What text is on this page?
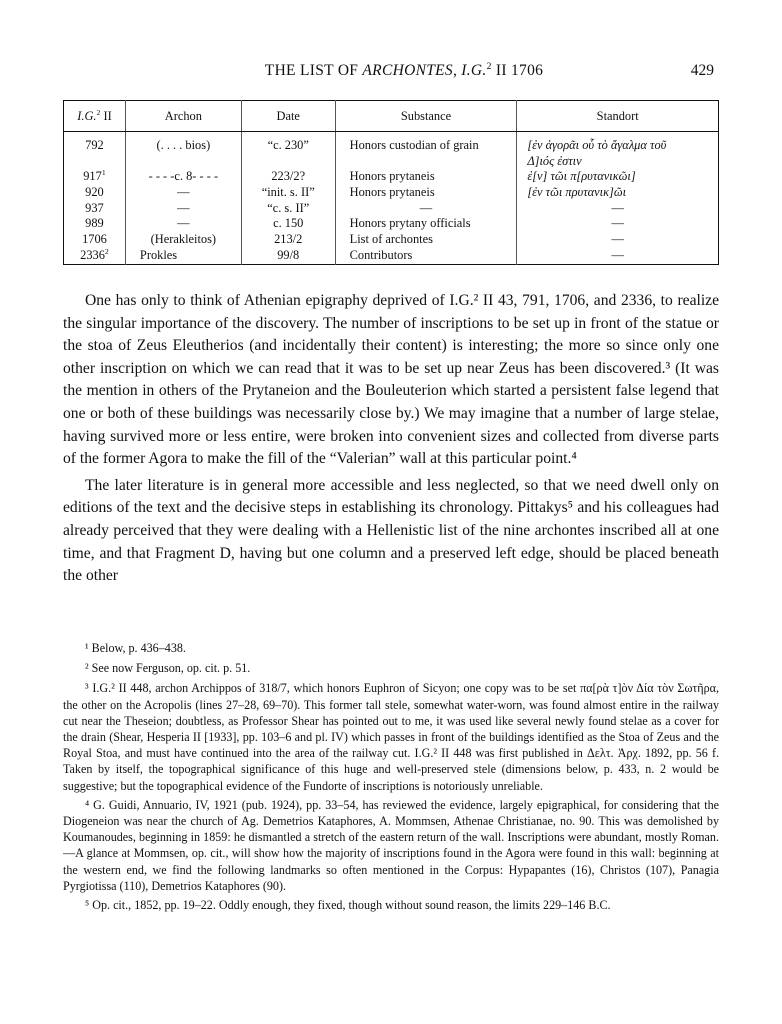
THE LIST OF ARCHONTES, I.G.$^2$ II 1706	429
I.G.$^2$ II	Archon	Date	Substance	Standort
792	(. . . . bios)	“c. 230”	Honors custodian of grain	[ἐν ἀγορᾶι οὗ τὸ ἄγαλμα τοῦ
Δ]ιός ἐστιν
$917^1$	- - - -c. 8- - - -	223/2?	Honors prytaneis	ἐ[ν] τῶι π[ρυτανικῶι]
920	—	“init. s. II”	Honors prytaneis	[ἐν τῶι πρυτανικ]ῶι
937	—	“c. s. II”	—	—
989	—	c. 150	Honors prytany officials	—
1706	(Herakleitos)	213/2	List of archontes	—
2336$^2$	Prokles	99/8	Contributors	—

One has only to think of Athenian epigraphy deprived of I.G.² II 43, 791, 1706, and 2336, to realize the singular importance of the discovery. The number of inscriptions to be set up in front of the statue or the stoa of Zeus Eleutherios (and incidentally their content) is interesting; the more so since only one other inscription on which we can read that it was to be set up near Zeus has been discovered.³ (It was the mention in others of the Prytaneion and the Bouleuterion which started a persistent false legend that one or both of these buildings was necessarily close by.) We may imagine that a number of large stelae, having survived more or less entire, were broken into convenient sizes and collected from diverse parts of the former Agora to make the fill of the “Valerian” wall at this particular point.⁴

The later literature is in general more accessible and less neglected, so that we need dwell only on editions of the text and the decisive steps in establishing its chronology. Pittakys⁵ and his colleagues had already perceived that they were dealing with a Hellenistic list of the nine archontes inscribed all at one time, and that Fragment D, having but one column and a preserved left edge, should be placed beneath the other

¹ Below, p. 436–438.

² See now Ferguson, op. cit. p. 51.

³ I.G.² II 448, archon Archippos of 318/7, which honors Euphron of Sicyon; one copy was to be set πα[ρὰ τ]ὸν Δία τὸν Σωτῆρα, the other on the Acropolis (lines 27–28, 69–70). This former tall stele, somewhat water-worn, was found almost entire in the railway cut near the Theseion; doubtless, as Professor Shear has pointed out to me, it was used like several newly found stelae as a cover for the drain (Shear, Hesperia II [1933], pp. 103–6 and pl. IV) which passes in front of the buildings identified as the Stoa of Zeus and the Royal Stoa, and must have continued into the area of the railway cut. I.G.² II 448 was first published in Δελτ. Ἀρχ. 1892, pp. 56 f. Taken by itself, the topographical significance of this huge and well-preserved stele (dimensions below, p. 433, n. 2 would be suggestive; but the topographical evidence of the Fundorte of inscriptions is notoriously unreliable.

⁴ G. Guidi, Annuario, IV, 1921 (pub. 1924), pp. 33–54, has reviewed the evidence, largely epigraphical, for considering that the Diogeneion was near the church of Ag. Demetrios Kataphores, A. Mommsen, Athenae Christianae, no. 90. This was demolished by Koumanoudes, beginning in 1859: he dismantled a stretch of the eastern return of the wall. Inscriptions were abundant, mostly Roman.—A glance at Mommsen, op. cit., will show how the majority of inscriptions found in the Agora were found in this wall: beginning at the western end, we find the following landmarks so often mentioned in the Corpus: Hypapantes (16), Christos (107), Panagia Pyrgiotissa (110), Demetrios Kataphores (90).

⁵ Op. cit., 1852, pp. 19–22. Oddly enough, they fixed, though without sound reason, the limits 229–146 B.C.
